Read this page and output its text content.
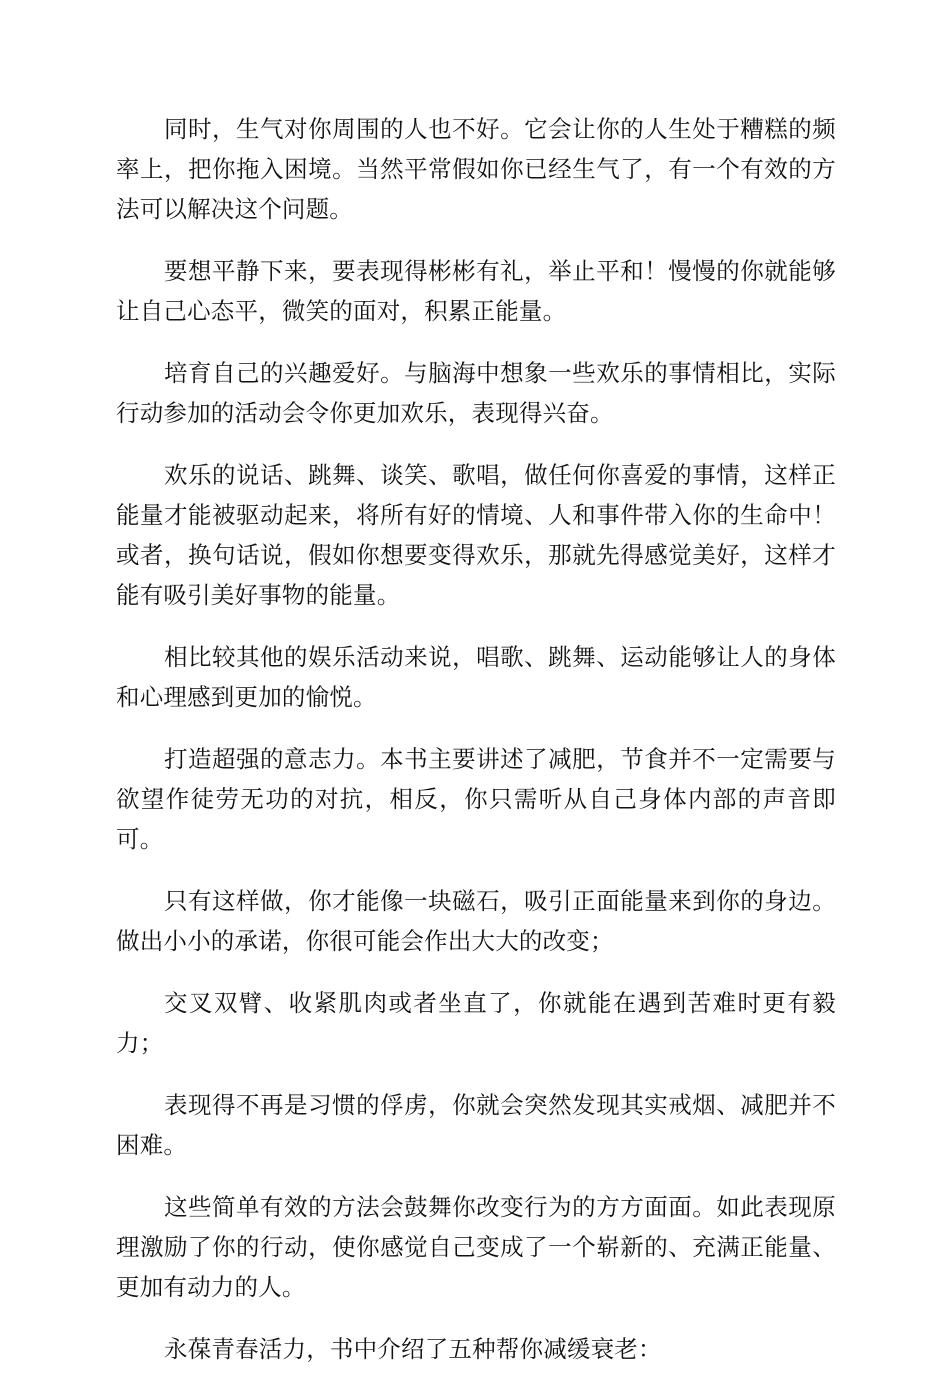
同时，生气对你周围的人也不好。它会让你的人生处于糟糕的频率上，把你拖入困境。当然平常假如你已经生气了，有一个有效的方法可以解决这个问题。

要想平静下来，要表现得彬彬有礼，举止平和！慢慢的你就能够让自己心态平，微笑的面对，积累正能量。

培育自己的兴趣爱好。与脑海中想象一些欢乐的事情相比，实际行动参加的活动会令你更加欢乐，表现得兴奋。

欢乐的说话、跳舞、谈笑、歌唱，做任何你喜爱的事情，这样正能量才能被驱动起来，将所有好的情境、人和事件带入你的生命中！或者，换句话说，假如你想要变得欢乐，那就先得感觉美好，这样才能有吸引美好事物的能量。

相比较其他的娱乐活动来说，唱歌、跳舞、运动能够让人的身体和心理感到更加的愉悦。

打造超强的意志力。本书主要讲述了减肥，节食并不一定需要与欲望作徒劳无功的对抗，相反，你只需听从自己身体内部的声音即可。

只有这样做，你才能像一块磁石，吸引正面能量来到你的身边。做出小小的承诺，你很可能会作出大大的改变；

交叉双臂、收紧肌肉或者坐直了，你就能在遇到苦难时更有毅力；

表现得不再是习惯的俘虏，你就会突然发现其实戒烟、减肥并不困难。

这些简单有效的方法会鼓舞你改变行为的方方面面。如此表现原理激励了你的行动，使你感觉自己变成了一个崭新的、充满正能量、更加有动力的人。

永葆青春活力，书中介绍了五种帮你减缓衰老：
